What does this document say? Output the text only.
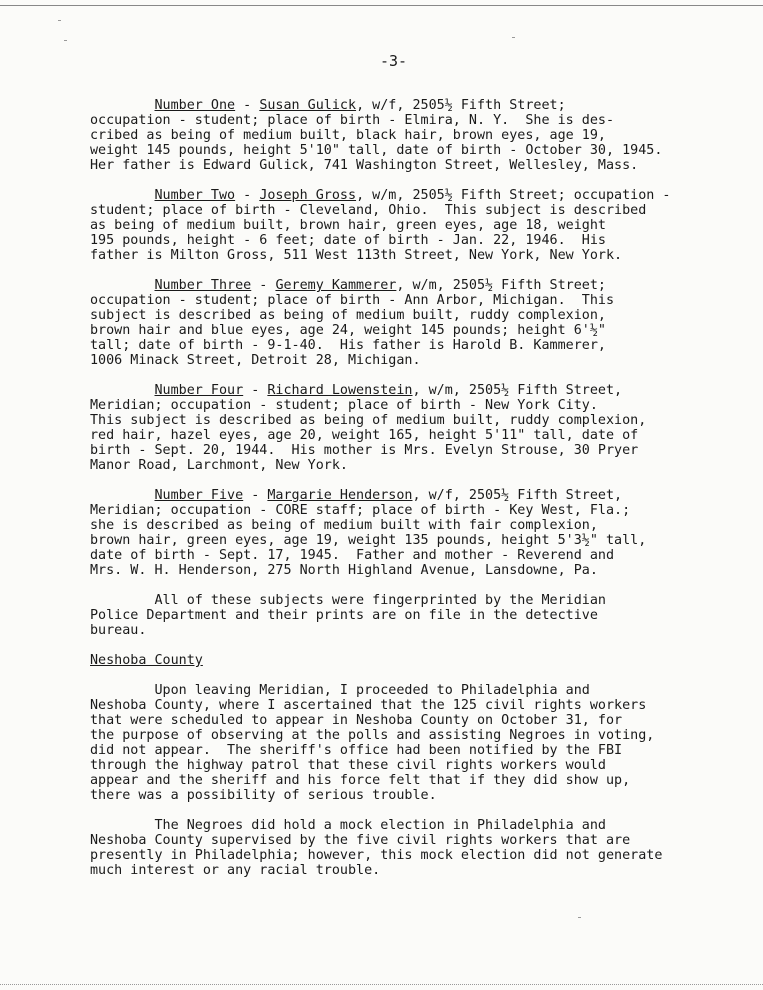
-3-
Number One - Susan Gulick, w/f, 2505½ Fifth Street;
occupation - student; place of birth - Elmira, N. Y.  She is des-
cribed as being of medium built, black hair, brown eyes, age 19,
weight 145 pounds, height 5'10" tall, date of birth - October 30, 1945.
Her father is Edward Gulick, 741 Washington Street, Wellesley, Mass.
Number Two - Joseph Gross, w/m, 2505½ Fifth Street; occupation -
student; place of birth - Cleveland, Ohio.  This subject is described
as being of medium built, brown hair, green eyes, age 18, weight
195 pounds, height - 6 feet; date of birth - Jan. 22, 1946.  His
father is Milton Gross, 511 West 113th Street, New York, New York.
Number Three - Geremy Kammerer, w/m, 2505½ Fifth Street;
occupation - student; place of birth - Ann Arbor, Michigan.  This
subject is described as being of medium built, ruddy complexion,
brown hair and blue eyes, age 24, weight 145 pounds; height 6'½"
tall; date of birth - 9-1-40.  His father is Harold B. Kammerer,
1006 Minack Street, Detroit 28, Michigan.
Number Four - Richard Lowenstein, w/m, 2505½ Fifth Street,
Meridian; occupation - student; place of birth - New York City.
This subject is described as being of medium built, ruddy complexion,
red hair, hazel eyes, age 20, weight 165, height 5'11" tall, date of
birth - Sept. 20, 1944.  His mother is Mrs. Evelyn Strouse, 30 Pryer
Manor Road, Larchmont, New York.
Number Five - Margarie Henderson, w/f, 2505½ Fifth Street,
Meridian; occupation - CORE staff; place of birth - Key West, Fla.;
she is described as being of medium built with fair complexion,
brown hair, green eyes, age 19, weight 135 pounds, height 5'3½" tall,
date of birth - Sept. 17, 1945.  Father and mother - Reverend and
Mrs. W. H. Henderson, 275 North Highland Avenue, Lansdowne, Pa.
All of these subjects were fingerprinted by the Meridian
Police Department and their prints are on file in the detective
bureau.
Neshoba County
Upon leaving Meridian, I proceeded to Philadelphia and
Neshoba County, where I ascertained that the 125 civil rights workers
that were scheduled to appear in Neshoba County on October 31, for
the purpose of observing at the polls and assisting Negroes in voting,
did not appear.  The sheriff's office had been notified by the FBI
through the highway patrol that these civil rights workers would
appear and the sheriff and his force felt that if they did show up,
there was a possibility of serious trouble.
The Negroes did hold a mock election in Philadelphia and
Neshoba County supervised by the five civil rights workers that are
presently in Philadelphia; however, this mock election did not generate
much interest or any racial trouble.
